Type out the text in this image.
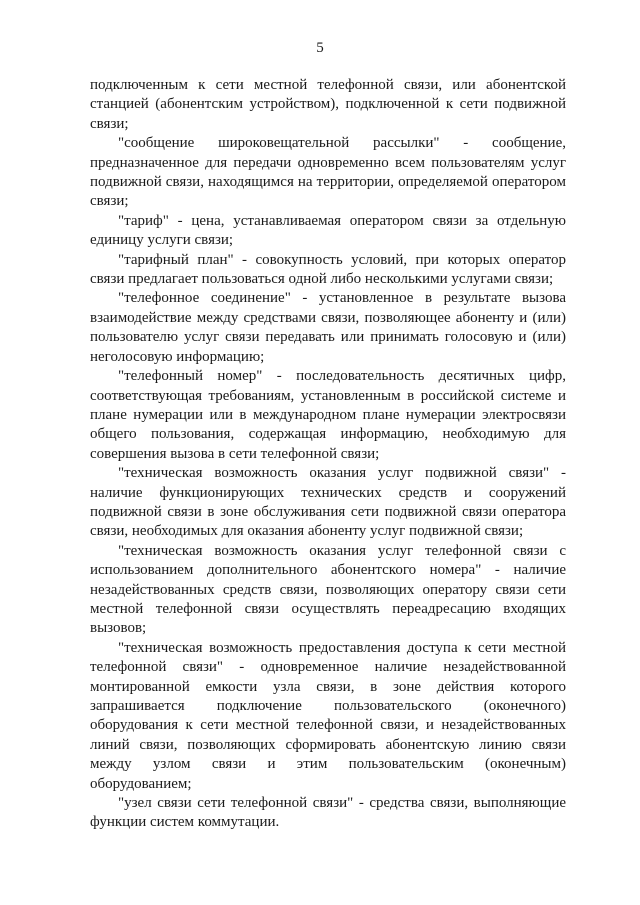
5

подключенным к сети местной телефонной связи, или абонентской станцией (абонентским устройством), подключенной к сети подвижной связи;

"сообщение широковещательной рассылки" - сообщение, предназначенное для передачи одновременно всем пользователям услуг подвижной связи, находящимся на территории, определяемой оператором связи;

"тариф" - цена, устанавливаемая оператором связи за отдельную единицу услуги связи;

"тарифный план" - совокупность условий, при которых оператор связи предлагает пользоваться одной либо несколькими услугами связи;

"телефонное соединение" - установленное в результате вызова взаимодействие между средствами связи, позволяющее абоненту и (или) пользователю услуг связи передавать или принимать голосовую и (или) неголосовую информацию;

"телефонный номер" - последовательность десятичных цифр, соответствующая требованиям, установленным в российской системе и плане нумерации или в международном плане нумерации электросвязи общего пользования, содержащая информацию, необходимую для совершения вызова в сети телефонной связи;

"техническая возможность оказания услуг подвижной связи" - наличие функционирующих технических средств и сооружений подвижной связи в зоне обслуживания сети подвижной связи оператора связи, необходимых для оказания абоненту услуг подвижной связи;

"техническая возможность оказания услуг телефонной связи с использованием дополнительного абонентского номера" - наличие незадействованных средств связи, позволяющих оператору связи сети местной телефонной связи осуществлять переадресацию входящих вызовов;

"техническая возможность предоставления доступа к сети местной телефонной связи" - одновременное наличие незадействованной монтированной емкости узла связи, в зоне действия которого запрашивается подключение пользовательского (оконечного) оборудования к сети местной телефонной связи, и незадействованных линий связи, позволяющих сформировать абонентскую линию связи между узлом связи и этим пользовательским (оконечным) оборудованием;

"узел связи сети телефонной связи" - средства связи, выполняющие функции систем коммутации.
